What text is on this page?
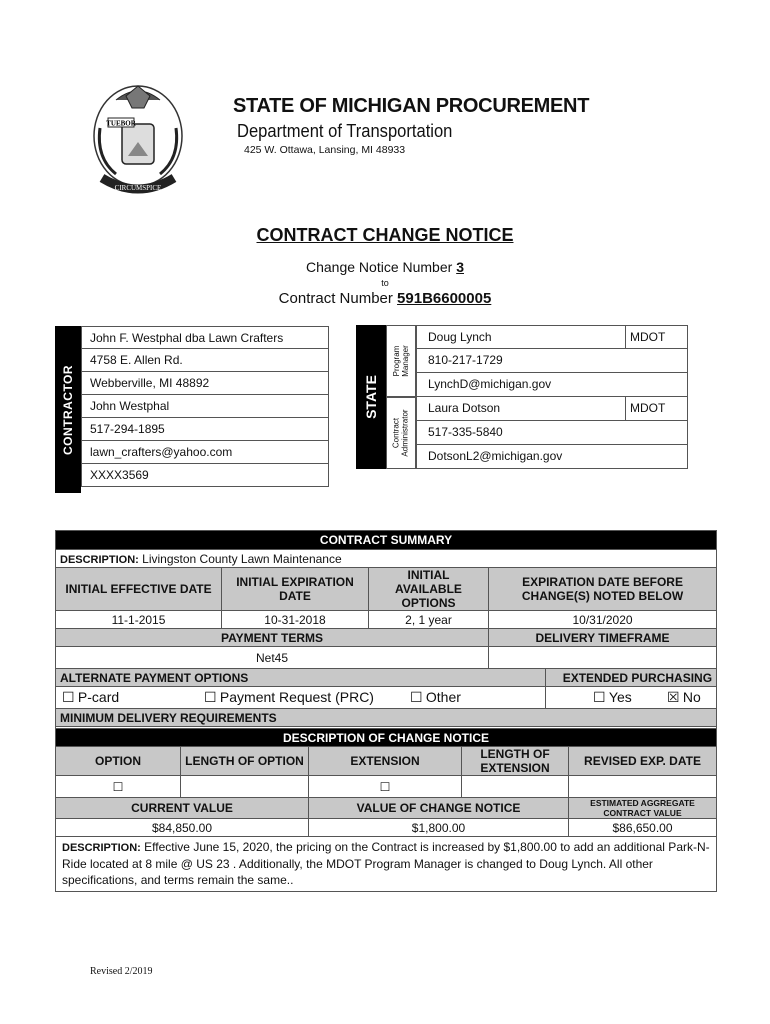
TUEBOR
CIRCUMSPICE
STATE OF MICHIGAN PROCUREMENT
Department of Transportation
425 W. Ottawa, Lansing, MI 48933
CONTRACT CHANGE NOTICE
Change Notice Number 3
to
Contract Number 591B6600005
CONTRACTOR
John F. Westphal dba Lawn Crafters
4758 E. Allen Rd.
Webberville, MI 48892
John Westphal
517-294-1895
lawn_crafters@yahoo.com
XXXX3569
STATE
Program Manager
Contract Administrator
Doug Lynch	MDOT
810-217-1729
LynchD@michigan.gov
Laura Dotson	MDOT
517-335-5840
DotsonL2@michigan.gov
CONTRACT SUMMARY				
DESCRIPTION: Livingston County Lawn Maintenance				
INITIAL EFFECTIVE DATE	INITIAL EXPIRATION DATE	INITIAL AVAILABLE OPTIONS	EXPIRATION DATE BEFORE CHANGE(S) NOTED BELOW	
11-1-2015	10-31-2018	2, 1 year	10/31/2020	
PAYMENT TERMS			DELIVERY TIMEFRAME	
Net45				
ALTERNATE PAYMENT OPTIONS				EXTENDED PURCHASING

☐ P-card ☐ Payment Request (PRC) ☐ Other				☐ Yes ☒ No

MINIMUM DELIVERY REQUIREMENTS				

DESCRIPTION OF CHANGE NOTICE				
OPTION	LENGTH OF OPTION	EXTENSION	LENGTH OF EXTENSION	REVISED EXP. DATE
☐		☐		
CURRENT VALUE		VALUE OF CHANGE NOTICE		ESTIMATED AGGREGATE CONTRACT VALUE
$84,850.00		$1,800.00		$86,650.00
DESCRIPTION: Effective June 15, 2020, the pricing on the Contract is increased by $1,800.00 to add an additional Park-N-Ride located at 8 mile @ US 23 . Additionally, the MDOT Program Manager is changed to Doug Lynch. All other specifications, and terms remain the same..				
Revised 2/2019
